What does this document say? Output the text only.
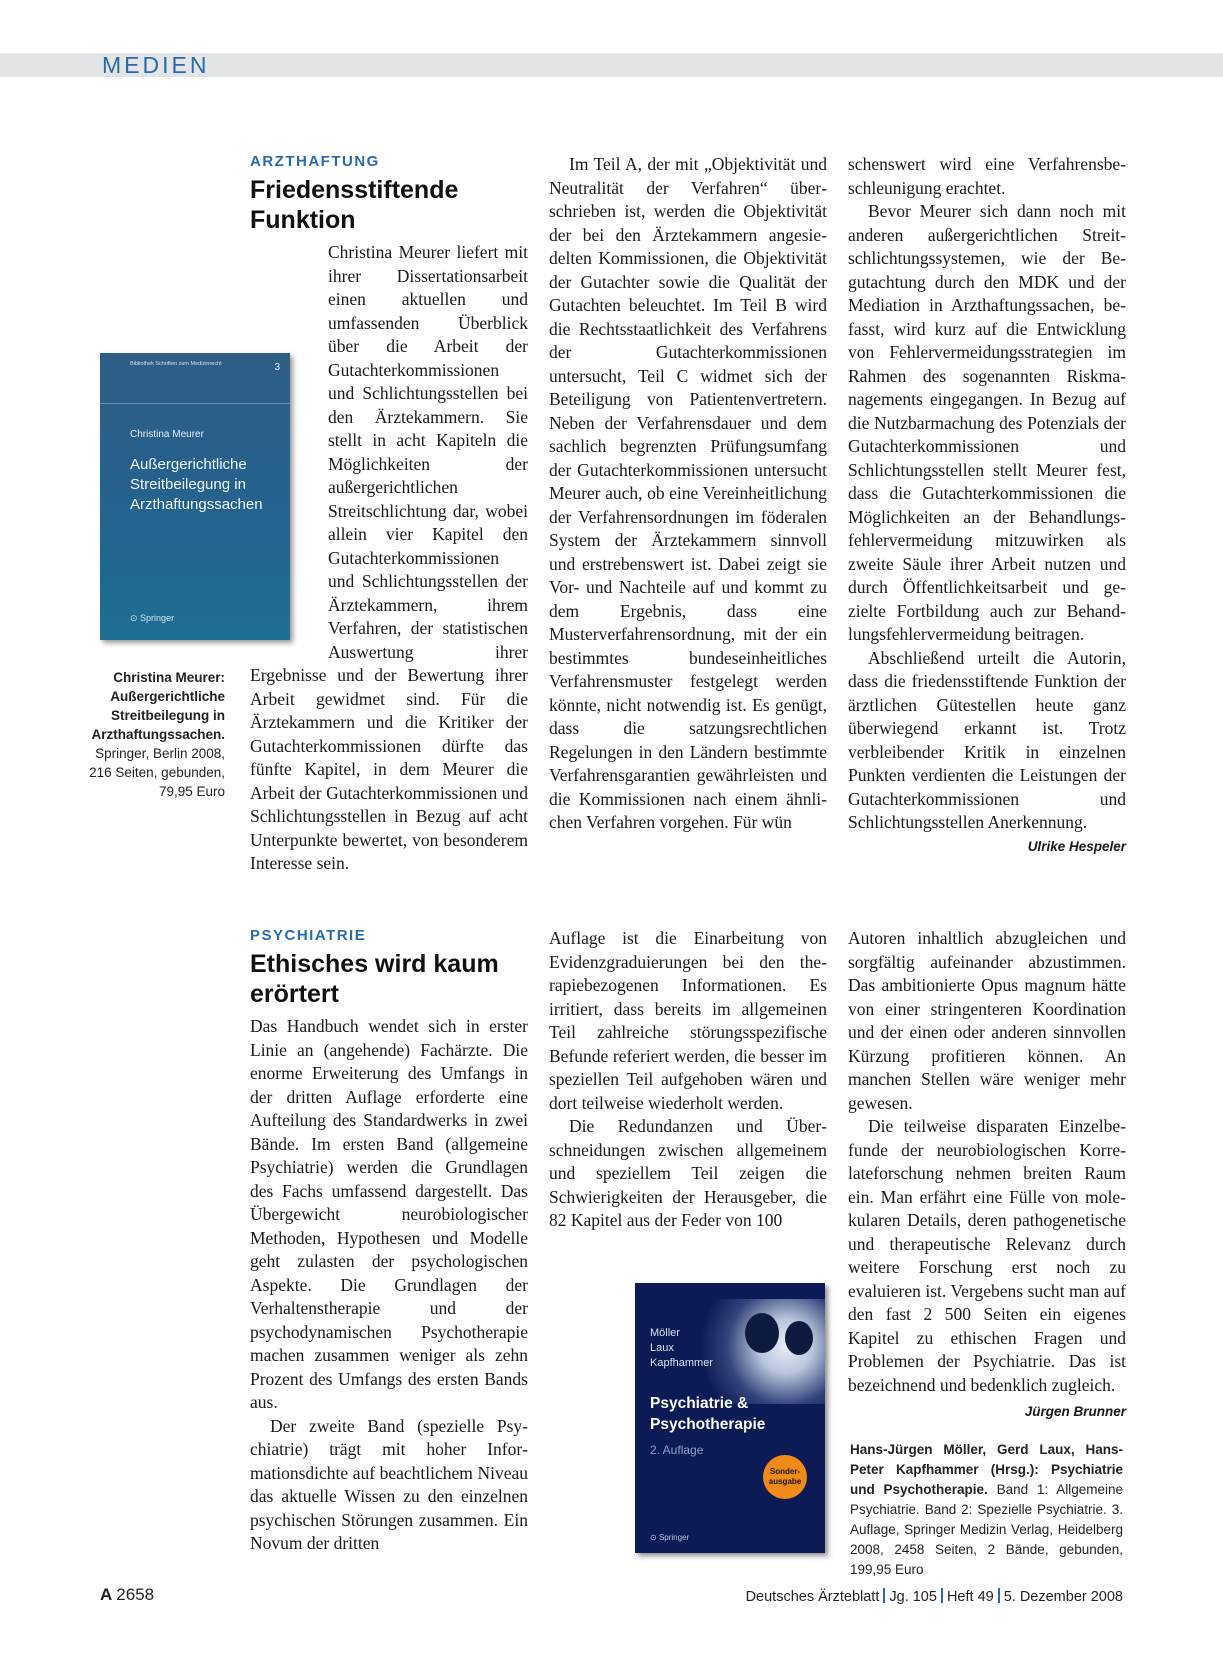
MEDIEN
Bibliothek Schriften zum Medizinrecht	3
Christina Meurer
Außergerichtliche Streitbeilegung in Arzthaftungssachen
⊙ Springer
Christina Meurer: Außergerichtliche Streitbeilegung in Arzthaftungssachen. Springer, Berlin 2008, 216 Seiten, gebunden, 79,95 Euro
ARZTHAFTUNG
Friedensstiftende Funktion

Christina Meurer liefert mit ihrer Dissertationsarbeit einen aktuellen und umfassenden Überblick über die Arbeit der Gutachterkommissionen und Schlichtungsstellen bei den Ärztekammern. Sie stellt in acht Kapiteln die Möglichkeiten der außergerichtlichen Streitschlichtung dar, wobei allein vier Kapitel den Gutachterkommissionen und Schlichtungsstellen der Ärztekammern, ihrem Verfahren, der statistischen Auswertung ihrer Ergebnisse und der Bewertung ihrer Arbeit gewidmet sind. Für die Ärztekammern und die Kritiker der Gutachterkommissionen dürfte das fünfte Kapitel, in dem Meurer die Arbeit der Gutachterkommissionen und Schlichtungsstellen in Bezug auf acht Unterpunkte bewertet, von besonderem Interesse sein.

Im Teil A, der mit „Objektivität und Neutralität der Verfahren“ überschrieben ist, werden die Objektivität der bei den Ärztekammern angesiedelten Kommissionen, die Objektivität der Gutachter sowie die Qualität der Gutachten beleuchtet. Im Teil B wird die Rechtsstaatlichkeit des Verfahrens der Gutachterkommissionen untersucht, Teil C widmet sich der Beteiligung von Patientenvertretern. Neben der Verfahrensdauer und dem sachlich begrenzten Prüfungsumfang der Gutachterkommissionen untersucht Meurer auch, ob eine Vereinheitlichung der Verfahrensordnungen im föderalen System der Ärztekammern sinnvoll und erstrebenswert ist. Dabei zeigt sie Vor- und Nachteile auf und kommt zu dem Ergebnis, dass eine Musterverfahrensordnung, mit der ein bestimmtes bundeseinheitliches Verfahrensmuster festgelegt werden könnte, nicht notwendig ist. Es genügt, dass die satzungsrechtlichen Regelungen in den Ländern bestimmte Verfahrensgarantien gewährleisten und die Kommissionen nach einem ähnlichen Verfahren vorgehen. Für wün

schenswert wird eine Verfahrensbeschleunigung erachtet.

Bevor Meurer sich dann noch mit anderen außergerichtlichen Streitschlichtungssystemen, wie der Begutachtung durch den MDK und der Mediation in Arzthaftungssachen, befasst, wird kurz auf die Entwicklung von Fehlervermeidungsstrategien im Rahmen des sogenannten Riskmanagements eingegangen. In Bezug auf die Nutzbarmachung des Potenzials der Gutachterkommissionen und Schlichtungsstellen stellt Meurer fest, dass die Gutachterkommissionen die Möglichkeiten an der Behandlungsfehlervermeidung mitzuwirken als zweite Säule ihrer Arbeit nutzen und durch Öffentlichkeitsarbeit und gezielte Fortbildung auch zur Behandlungsfehlervermeidung beitragen.

Abschließend urteilt die Autorin, dass die friedensstiftende Funktion der ärztlichen Gütestellen heute ganz überwiegend erkannt ist. Trotz verbleibender Kritik in einzelnen Punkten verdienten die Leistungen der Gutachterkommissionen und Schlichtungsstellen Anerkennung.

Ulrike Hespeler
PSYCHIATRIE
Ethisches wird kaum erörtert

Das Handbuch wendet sich in erster Linie an (angehende) Fachärzte. Die enorme Erweiterung des Umfangs in der dritten Auflage erforderte eine Aufteilung des Standardwerks in zwei Bände. Im ersten Band (allgemeine Psychiatrie) werden die Grundlagen des Fachs umfassend dargestellt. Das Übergewicht neurobiologischer Methoden, Hypothesen und Modelle geht zulasten der psychologischen Aspekte. Die Grundlagen der Verhaltenstherapie und der psychodynamischen Psychotherapie machen zusammen weniger als zehn Prozent des Umfangs des ersten Bands aus.

Der zweite Band (spezielle Psychiatrie) trägt mit hoher Informationsdichte auf beachtlichem Niveau das aktuelle Wissen zu den einzelnen psychischen Störungen zusammen. Ein Novum der dritten

Auflage ist die Einarbeitung von Evidenzgraduierungen bei den therapiebezogenen Informationen. Es irritiert, dass bereits im allgemeinen Teil zahlreiche störungsspezifische Befunde referiert werden, die besser im speziellen Teil aufgehoben wären und dort teilweise wiederholt werden.

Die Redundanzen und Überschneidungen zwischen allgemeinem und speziellem Teil zeigen die Schwierigkeiten der Herausgeber, die 82 Kapitel aus der Feder von 100

Möller
Laux
Kapfhammer
Psychiatrie & Psychotherapie
2. Auflage
Sonder-ausgabe
⊙ Springer

Autoren inhaltlich abzugleichen und sorgfältig aufeinander abzustimmen. Das ambitionierte Opus magnum hätte von einer stringenteren Koordination und der einen oder anderen sinnvollen Kürzung profitieren können. An manchen Stellen wäre weniger mehr gewesen.

Die teilweise disparaten Einzelbefunde der neurobiologischen Korrelateforschung nehmen breiten Raum ein. Man erfährt eine Fülle von molekularen Details, deren pathogenetische und therapeutische Relevanz durch weitere Forschung erst noch zu evaluieren ist. Vergebens sucht man auf den fast 2 500 Seiten ein eigenes Kapitel zu ethischen Fragen und Problemen der Psychiatrie. Das ist bezeichnend und bedenklich zugleich.
Jürgen Brunner

Hans-Jürgen Möller, Gerd Laux, Hans-Peter Kapfhammer (Hrsg.): Psychiatrie und Psychotherapie. Band 1: Allgemeine Psychiatrie. Band 2: Spezielle Psychiatrie. 3. Auflage, Springer Medizin Verlag, Heidelberg 2008, 2458 Seiten, 2 Bände, gebunden, 199,95 Euro
A 2658	Deutsches Ärzteblatt Jg. 105 Heft 49 5. Dezember 2008
